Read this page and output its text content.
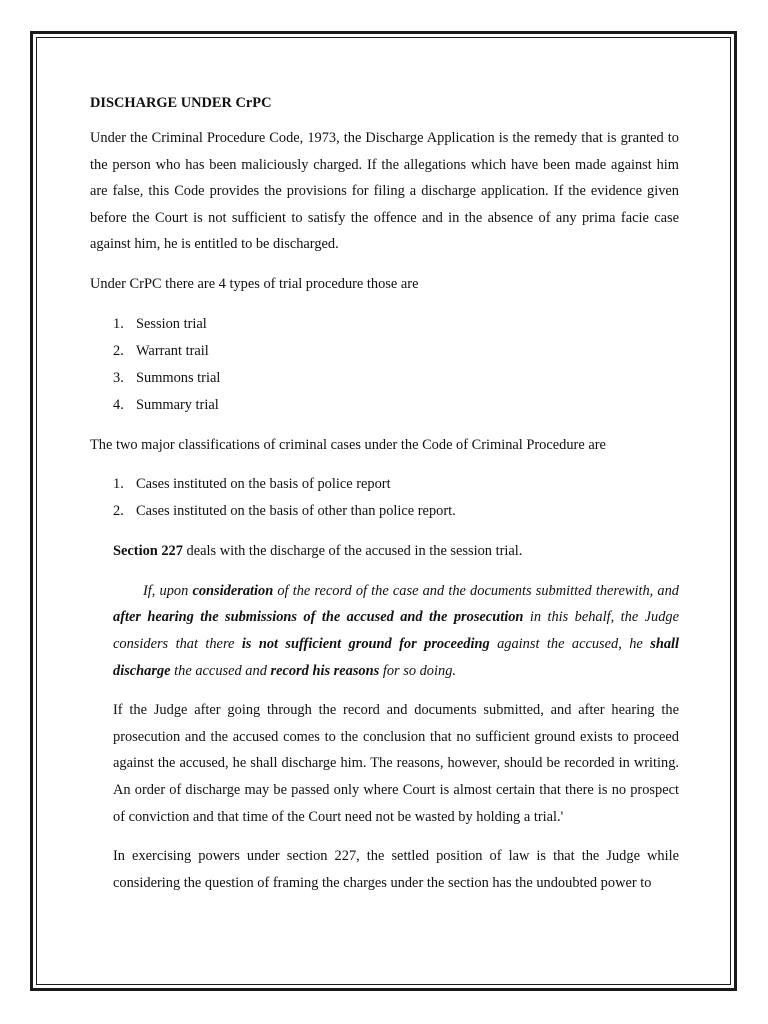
DISCHARGE UNDER CrPC

Under the Criminal Procedure Code, 1973, the Discharge Application is the remedy that is granted to the person who has been maliciously charged. If the allegations which have been made against him are false, this Code provides the provisions for filing a discharge application. If the evidence given before the Court is not sufficient to satisfy the offence and in the absence of any prima facie case against him, he is entitled to be discharged.

Under CrPC there are 4 types of trial procedure those are

1. Session trial
2. Warrant trail
3. Summons trial
4. Summary trial

The two major classifications of criminal cases under the Code of Criminal Procedure are

1. Cases instituted on the basis of police report
2. Cases instituted on the basis of other than police report.

Section 227 deals with the discharge of the accused in the session trial.

If, upon consideration of the record of the case and the documents submitted therewith, and after hearing the submissions of the accused and the prosecution in this behalf, the Judge considers that there is not sufficient ground for proceeding against the accused, he shall discharge the accused and record his reasons for so doing.

If the Judge after going through the record and documents submitted, and after hearing the prosecution and the accused comes to the conclusion that no sufficient ground exists to proceed against the accused, he shall discharge him. The reasons, however, should be recorded in writing. An order of discharge may be passed only where Court is almost certain that there is no prospect of conviction and that time of the Court need not be wasted by holding a trial.'

In exercising powers under section 227, the settled position of law is that the Judge while considering the question of framing the charges under the section has the undoubted power to
